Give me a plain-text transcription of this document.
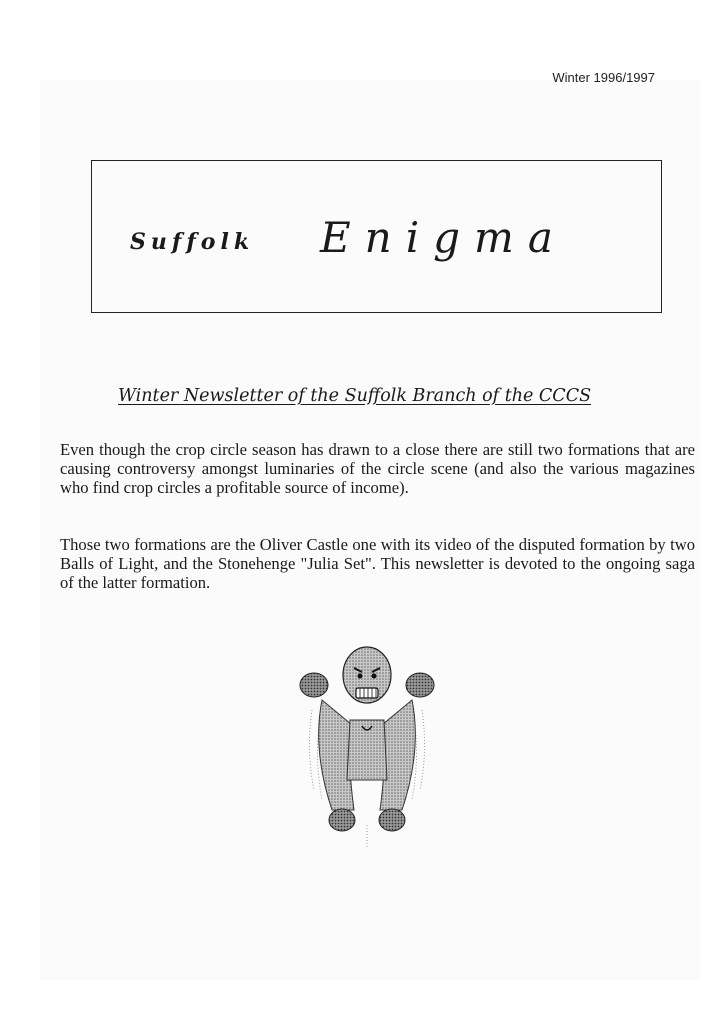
Winter 1996/1997
Suffolk Enigma
Winter Newsletter of the Suffolk Branch of the CCCS

Even though the crop circle season has drawn to a close there are still two formations that are causing controversy amongst luminaries of the circle scene (and also the various magazines who find crop circles a profitable source of income).

Those two formations are the Oliver Castle one with its video of the disputed formation by two Balls of Light, and the Stonehenge "Julia Set". This newsletter is devoted to the ongoing saga of the latter formation.
